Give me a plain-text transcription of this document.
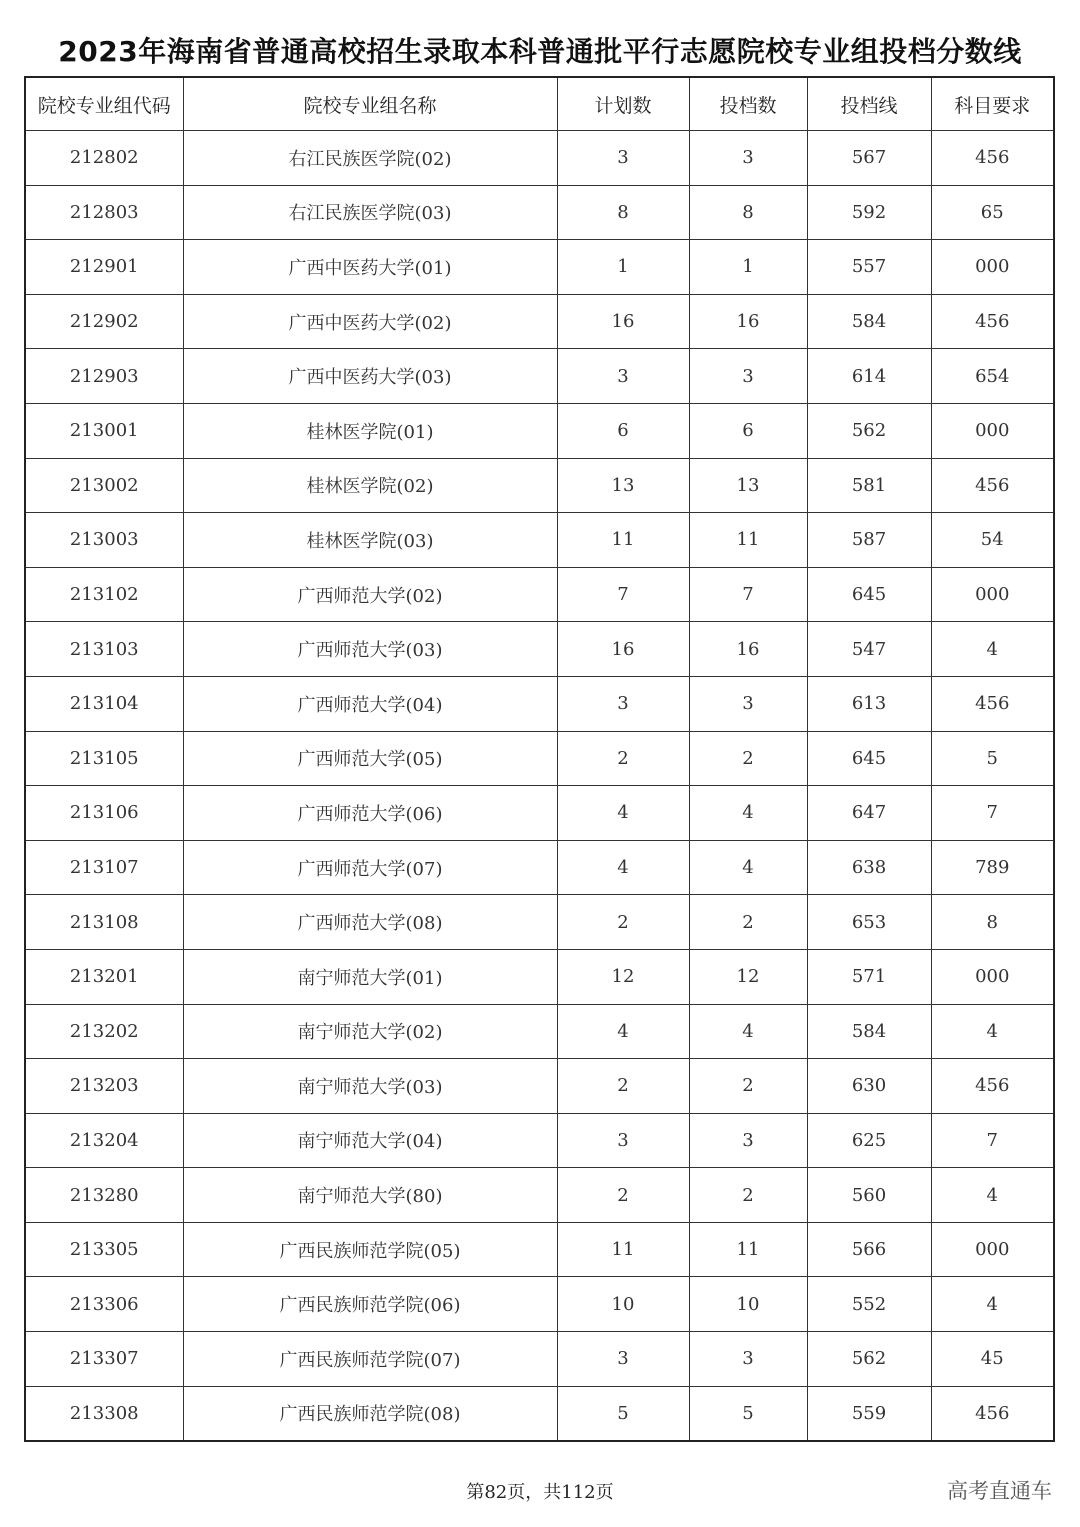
2023年海南省普通高校招生录取本科普通批平行志愿院校专业组投档分数线
院校专业组代码	院校专业组名称	计划数	投档数	投档线	科目要求
212802	右江民族医学院(02)	3	3	567	456
212803	右江民族医学院(03)	8	8	592	65
212901	广西中医药大学(01)	1	1	557	000
212902	广西中医药大学(02)	16	16	584	456
212903	广西中医药大学(03)	3	3	614	654
213001	桂林医学院(01)	6	6	562	000
213002	桂林医学院(02)	13	13	581	456
213003	桂林医学院(03)	11	11	587	54
213102	广西师范大学(02)	7	7	645	000
213103	广西师范大学(03)	16	16	547	4
213104	广西师范大学(04)	3	3	613	456
213105	广西师范大学(05)	2	2	645	5
213106	广西师范大学(06)	4	4	647	7
213107	广西师范大学(07)	4	4	638	789
213108	广西师范大学(08)	2	2	653	8
213201	南宁师范大学(01)	12	12	571	000
213202	南宁师范大学(02)	4	4	584	4
213203	南宁师范大学(03)	2	2	630	456
213204	南宁师范大学(04)	3	3	625	7
213280	南宁师范大学(80)	2	2	560	4
213305	广西民族师范学院(05)	11	11	566	000
213306	广西民族师范学院(06)	10	10	552	4
213307	广西民族师范学院(07)	3	3	562	45
213308	广西民族师范学院(08)	5	5	559	456
第82页，共112页	高考直通车
